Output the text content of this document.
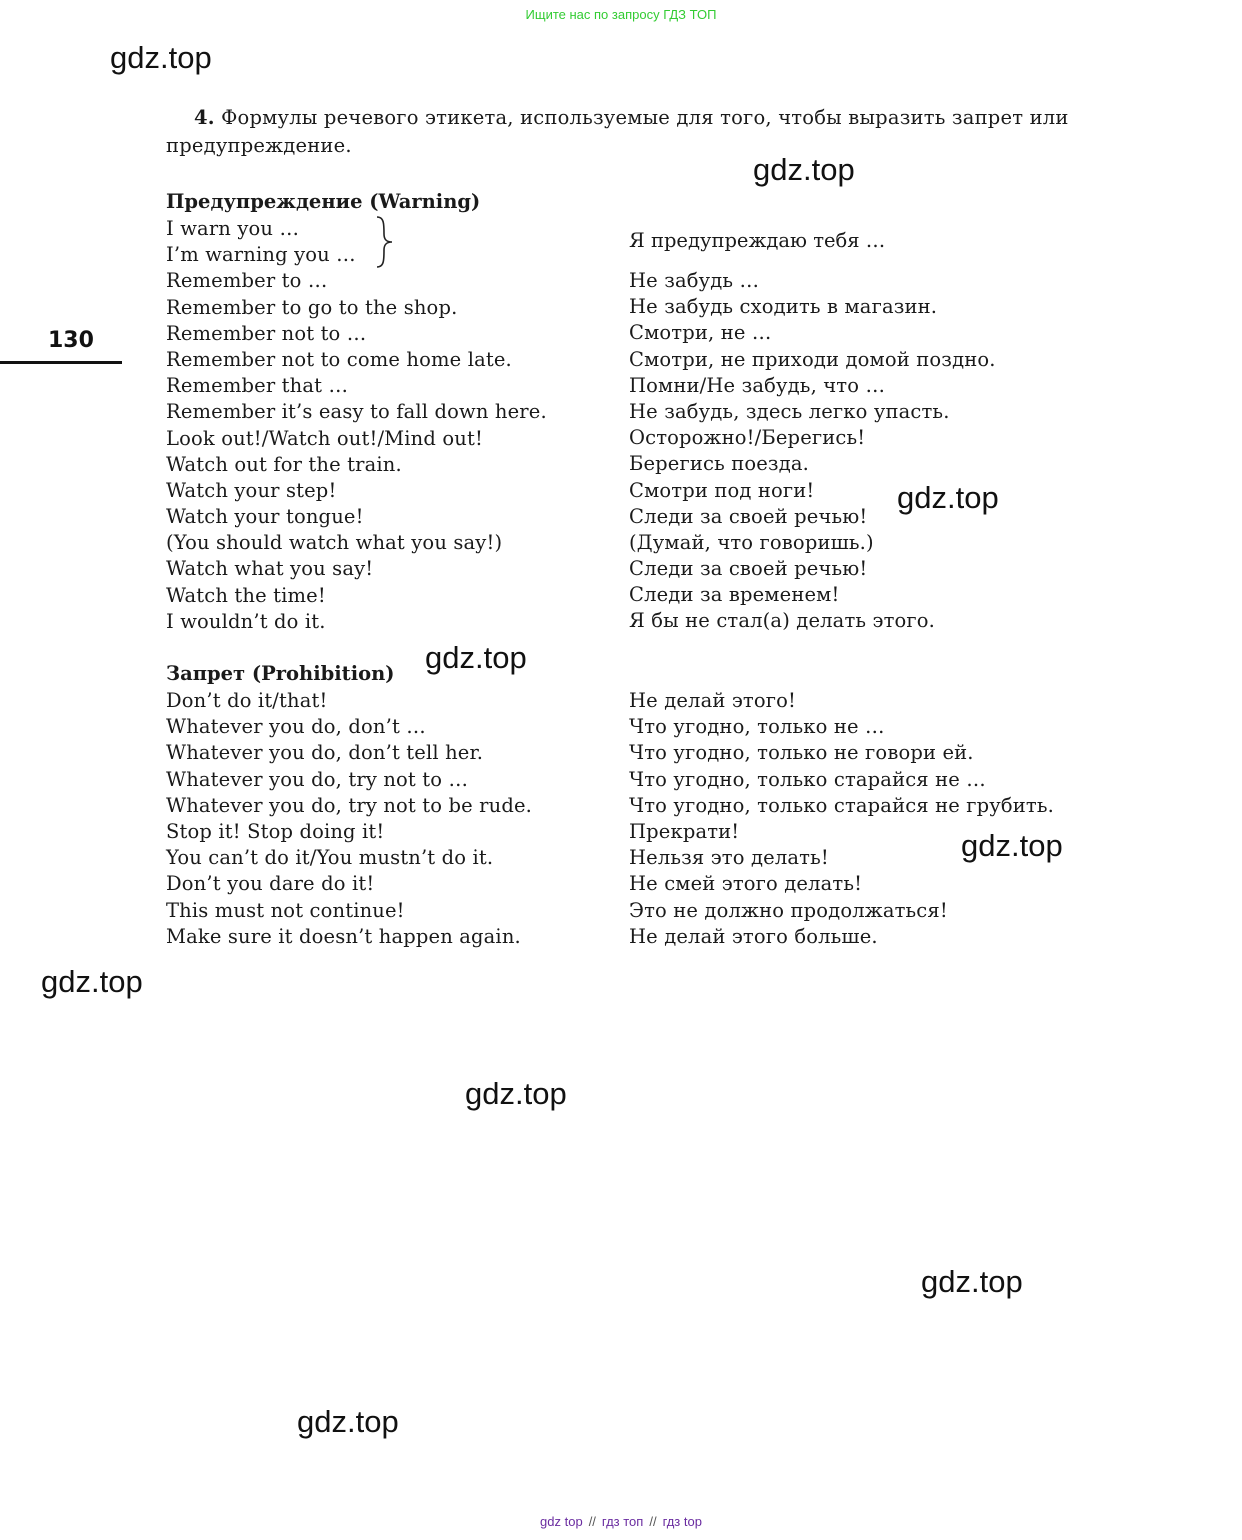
Ищите нас по запросу ГДЗ ТОП
gdz.top
gdz.top
gdz.top
gdz.top
gdz.top
gdz.top
gdz.top
gdz.top
gdz.top
130
4. Формулы речевого этикета, используемые для того, чтобы выразить запрет или предупреждение.
Предупреждение (Warning)
I warn you …
I’m warning you …
Remember to …
Remember to go to the shop.
Remember not to …
Remember not to come home late.
Remember that …
Remember it’s easy to fall down here.
Look out!/Watch out!/Mind out!
Watch out for the train.
Watch your step!
Watch your tongue!
(You should watch what you say!)
Watch what you say!
Watch the time!
I wouldn’t do it.
Я предупреждаю тебя …
Не забудь …
Не забудь сходить в магазин.
Смотри, не …
Смотри, не приходи домой поздно.
Помни/Не забудь, что …
Не забудь, здесь легко упасть.
Осторожно!/Берегись!
Берегись поезда.
Смотри под ноги!
Следи за своей речью!
(Думай, что говоришь.)
Следи за своей речью!
Следи за временем!
Я бы не стал(а) делать этого.
Запрет (Prohibition)
Don’t do it/that!
Whatever you do, don’t …
Whatever you do, don’t tell her.
Whatever you do, try not to …
Whatever you do, try not to be rude.
Stop it! Stop doing it!
You can’t do it/You mustn’t do it.
Don’t you dare do it!
This must not continue!
Make sure it doesn’t happen again.
Не делай этого!
Что угодно, только не …
Что угодно, только не говори ей.
Что угодно, только старайся не …
Что угодно, только старайся не грубить.
Прекрати!
Нельзя это делать!
Не смей этого делать!
Это не должно продолжаться!
Не делай этого больше.
gdz top // гдз топ // гдз top
